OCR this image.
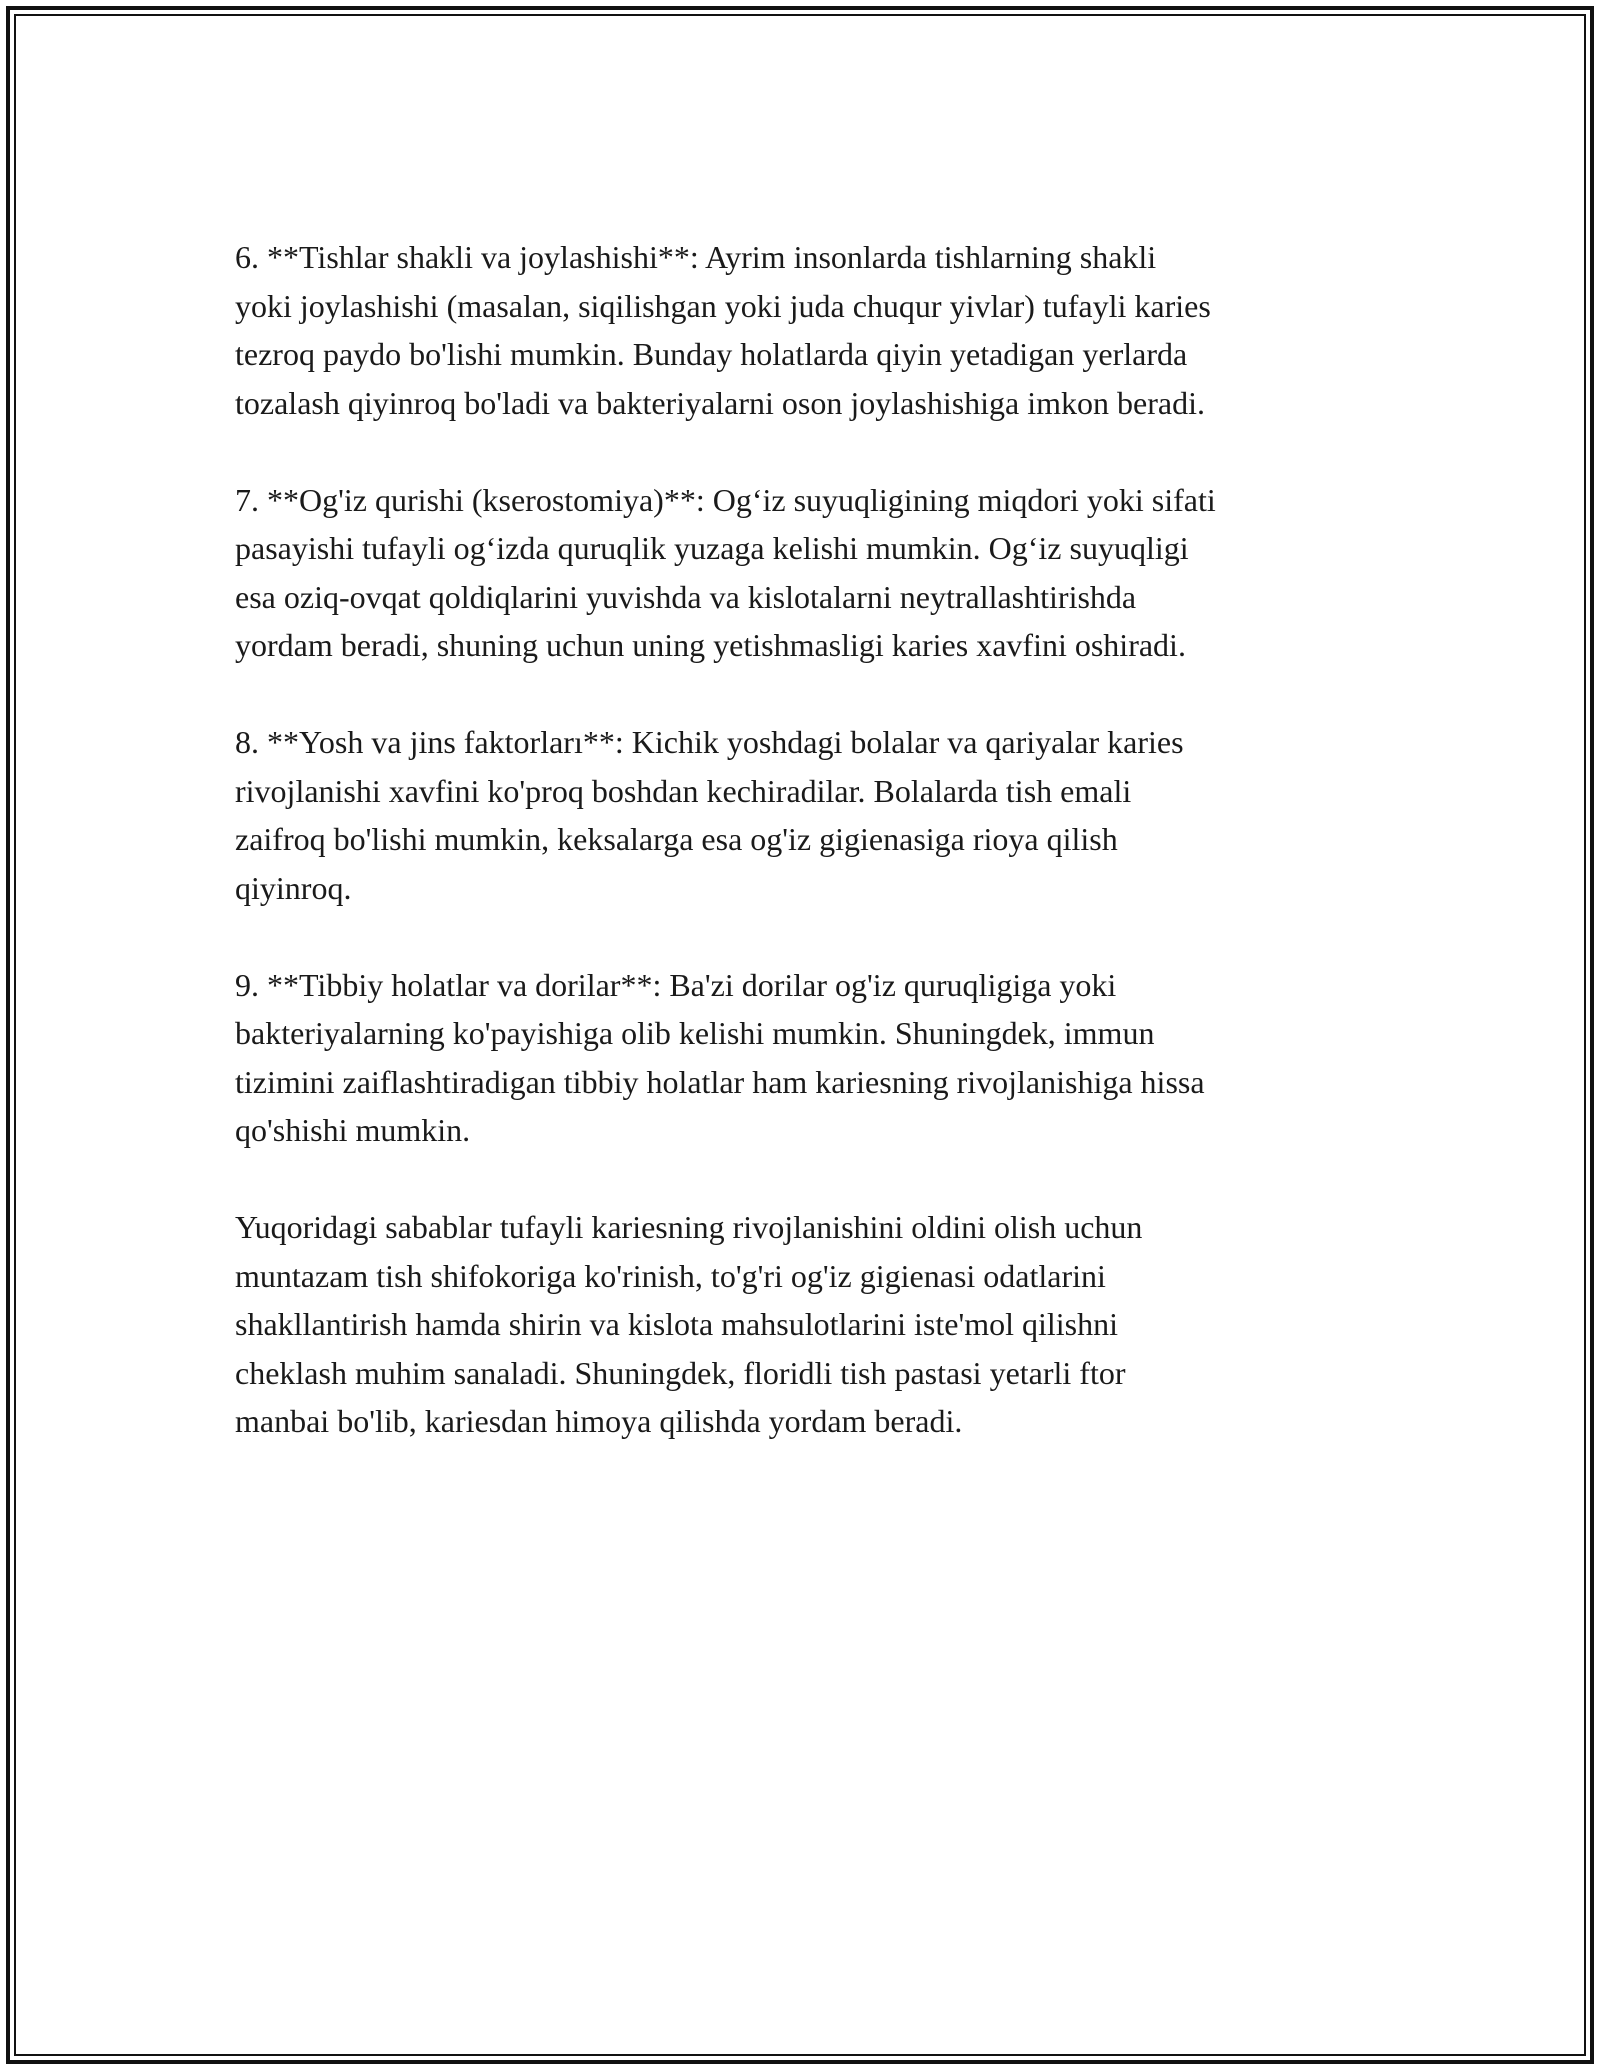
6. **Tishlar shakli va joylashishi**: Ayrim insonlarda tishlarning shakli
yoki joylashishi (masalan, siqilishgan yoki juda chuqur yivlar) tufayli karies
tezroq paydo bo'lishi mumkin. Bunday holatlarda qiyin yetadigan yerlarda
tozalash qiyinroq bo'ladi va bakteriyalarni oson joylashishiga imkon beradi.

7. **Og'iz qurishi (kserostomiya)**: Og‘iz suyuqligining miqdori yoki sifati
pasayishi tufayli og‘izda quruqlik yuzaga kelishi mumkin. Og‘iz suyuqligi
esa oziq-ovqat qoldiqlarini yuvishda va kislotalarni neytrallashtirishda
yordam beradi, shuning uchun uning yetishmasligi karies xavfini oshiradi.

8. **Yosh va jins faktorları**: Kichik yoshdagi bolalar va qariyalar karies
rivojlanishi xavfini ko'proq boshdan kechiradilar. Bolalarda tish emali
zaifroq bo'lishi mumkin, keksalarga esa og'iz gigienasiga rioya qilish
qiyinroq.

9. **Tibbiy holatlar va dorilar**: Ba'zi dorilar og'iz quruqligiga yoki
bakteriyalarning ko'payishiga olib kelishi mumkin. Shuningdek, immun
tizimini zaiflashtiradigan tibbiy holatlar ham kariesning rivojlanishiga hissa
qo'shishi mumkin.

Yuqoridagi sabablar tufayli kariesning rivojlanishini oldini olish uchun
muntazam tish shifokoriga ko'rinish, to'g'ri og'iz gigienasi odatlarini
shakllantirish hamda shirin va kislota mahsulotlarini iste'mol qilishni
cheklash muhim sanaladi. Shuningdek, floridli tish pastasi yetarli ftor
manbai bo'lib, kariesdan himoya qilishda yordam beradi.
